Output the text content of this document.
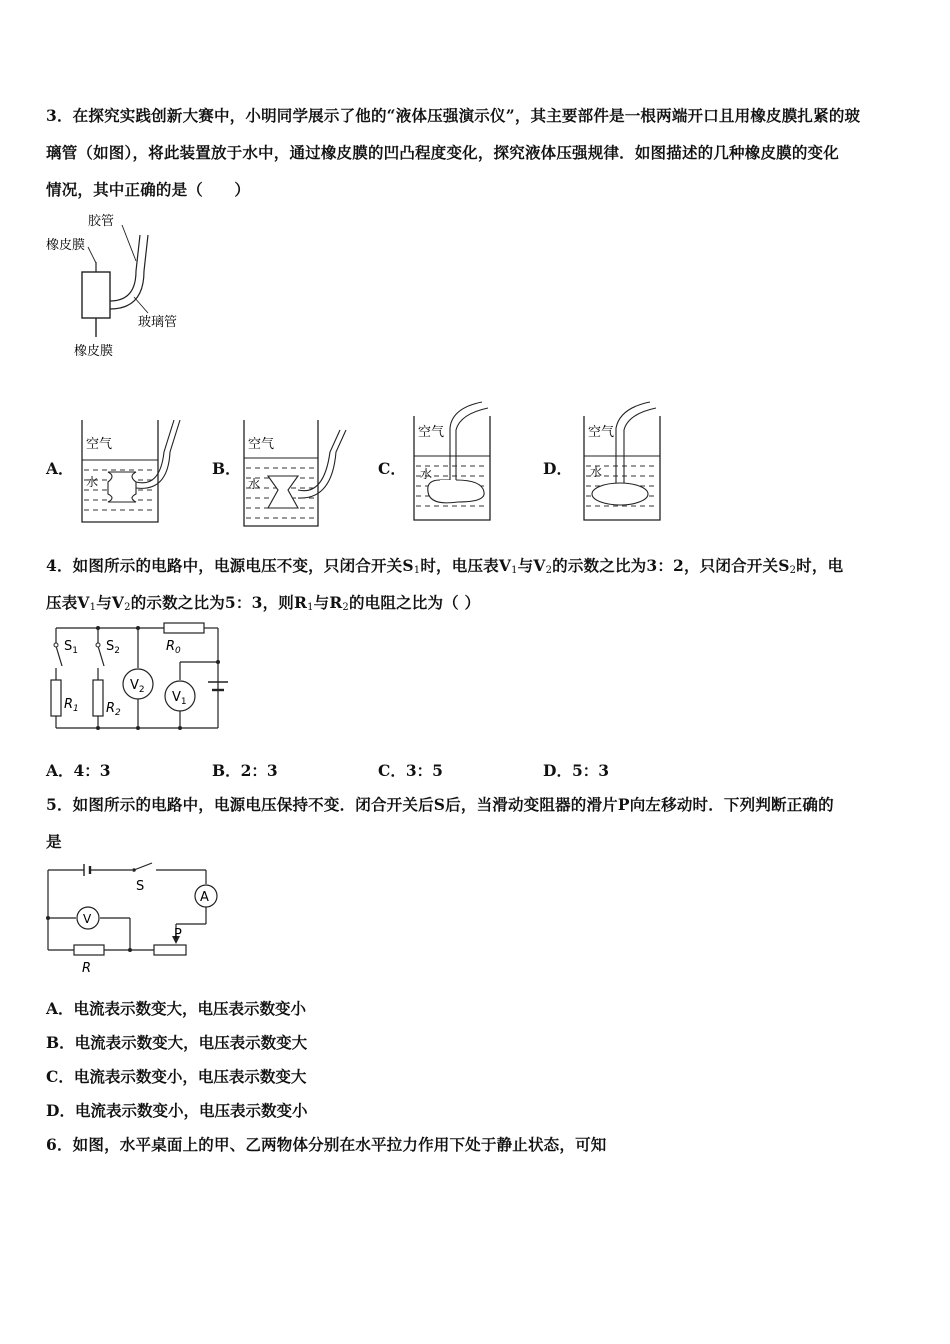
3．在探究实践创新大赛中，小明同学展示了他的“液体压强演示仪”，其主要部件是一根两端开口且用橡皮膜扎紧的玻
璃管（如图），将此装置放于水中，通过橡皮膜的凹凸程度变化，探究液体压强规律．如图描述的几种橡皮膜的变化
情况，其中正确的是（　　）
胶管
橡皮膜
玻璃管
橡皮膜
A．
空气
水
B．
空气
水
C．
空气
水	D．
空气
水
4．如图所示的电路中，电源电压不变，只闭合开关$S_1$时，电压表$V_1$与$V_2$的示数之比为3：2，只闭合开关$S_2$时，电
压表$V_1$与$V_2$的示数之比为5：3，则$R_1$与$R_2$的电阻之比为（ ）
$S_1$ $S_2$	$R_0$
$V_2$ $V_1$
$R_1$ $R_2$
A．4：3	B．2：3	C．3：5	D．5：3
5．如图所示的电路中，电源电压保持不变．闭合开关后S后，当滑动变阻器的滑片P向左移动时．下列判断正确的
是
S
A
V
P
R
A．电流表示数变大，电压表示数变小
B．电流表示数变大，电压表示数变大
C．电流表示数变小，电压表示数变大
D．电流表示数变小，电压表示数变小
6．如图，水平桌面上的甲、乙两物体分别在水平拉力作用下处于静止状态，可知
